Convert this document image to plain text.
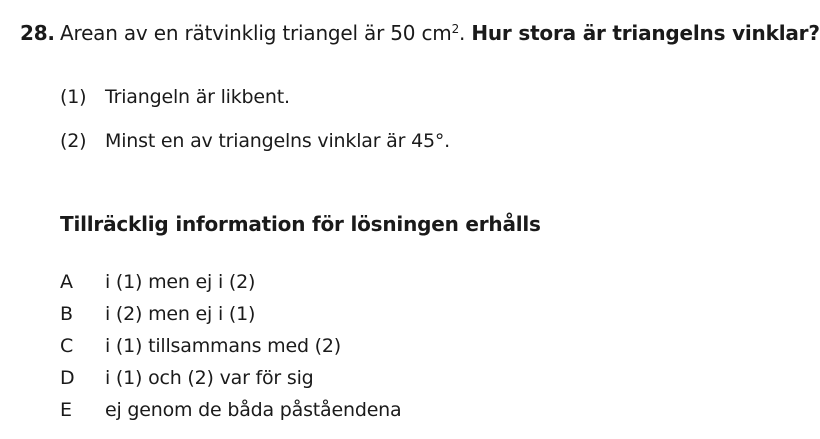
28. Arean av en rätvinklig triangel är 50 $cm^2$. Hur stora är triangelns vinklar?
(1) Triangeln är likbent.
(2) Minst en av triangelns vinklar är 45°.
Tillräcklig information för lösningen erhålls
A	i (1) men ej i (2)
B	i (2) men ej i (1)
C	i (1) tillsammans med (2)
D	i (1) och (2) var för sig
E	ej genom de båda påståendena
